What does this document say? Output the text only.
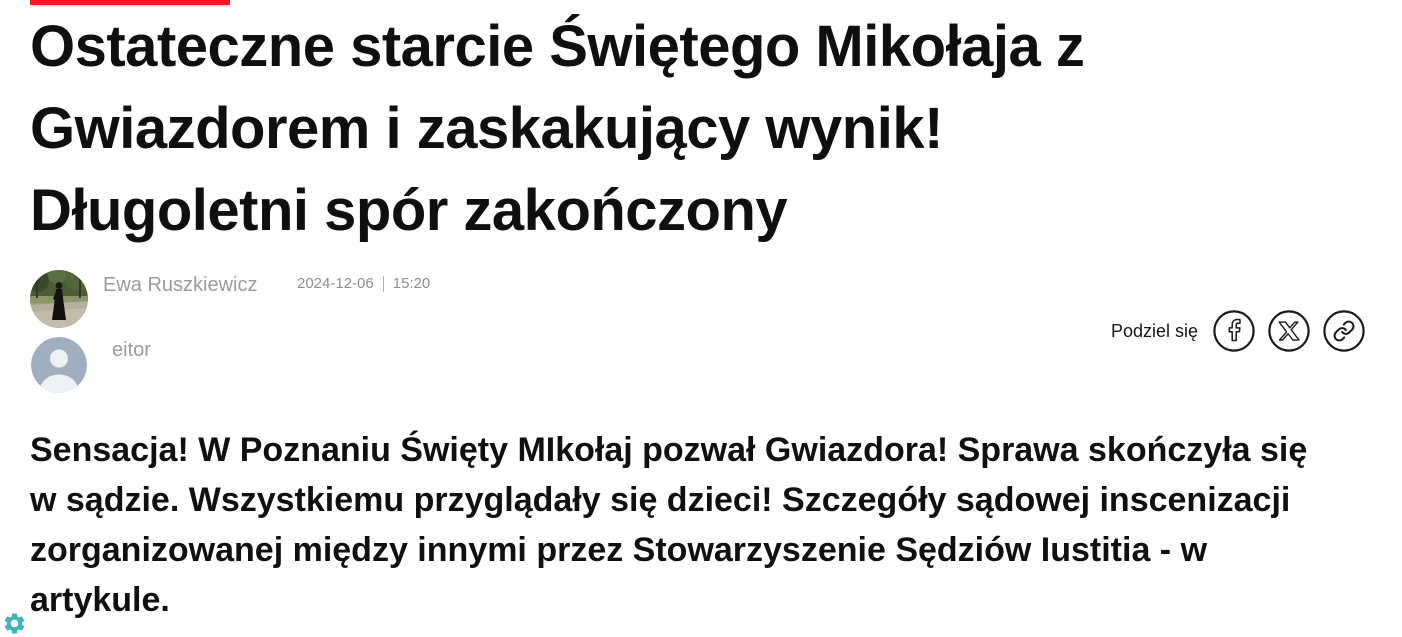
Ostateczne starcie Świętego Mikołaja z
Gwiazdorem i zaskakujący wynik!
Długoletni spór zakończony
Ewa Ruszkiewicz	2024-12-06 15:20
eitor
Podziel się

Sensacja! W Poznaniu Święty MIkołaj pozwał Gwiazdora! Sprawa skończyła się
w sądzie. Wszystkiemu przyglądały się dzieci! Szczegóły sądowej inscenizacji
zorganizowanej między innymi przez Stowarzyszenie Sędziów Iustitia - w
artykule.
